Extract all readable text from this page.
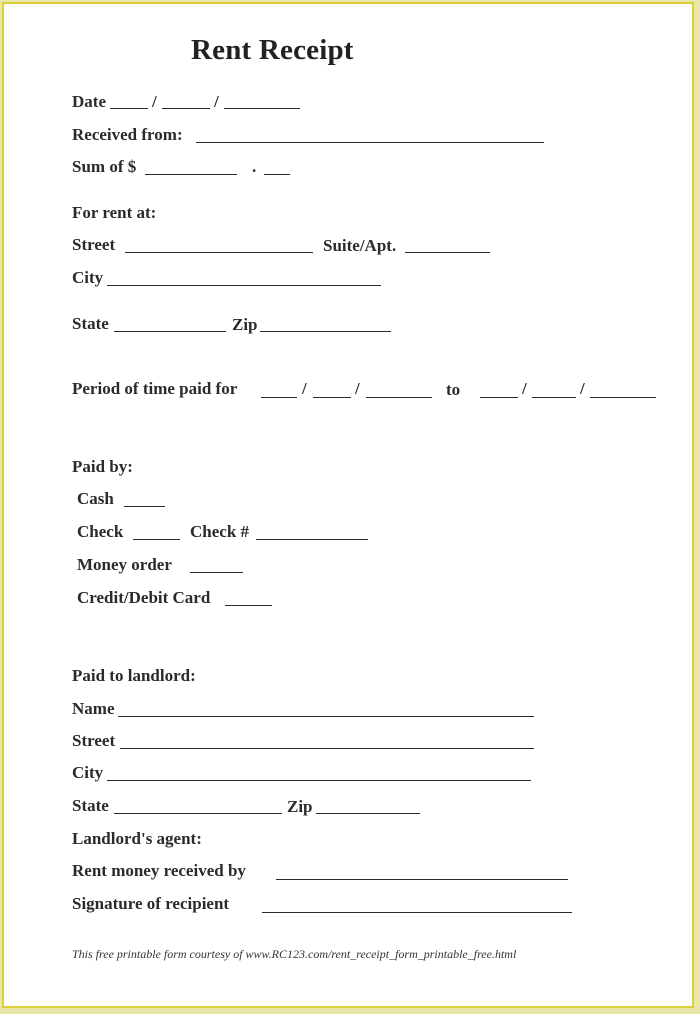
Rent Receipt
Date	/	/
Received from:
Sum of $	.
For rent at:
Street	Suite/Apt.
City
State	Zip
Period of time paid for	/	/	to	/	/
Paid by:
Cash
Check	Check #
Money order
Credit/Debit Card
Paid to landlord:
Name
Street
City
State	Zip
Landlord's agent:
Rent money received by
Signature of recipient
This free printable form courtesy of www.RC123.com/rent_receipt_form_printable_free.html
